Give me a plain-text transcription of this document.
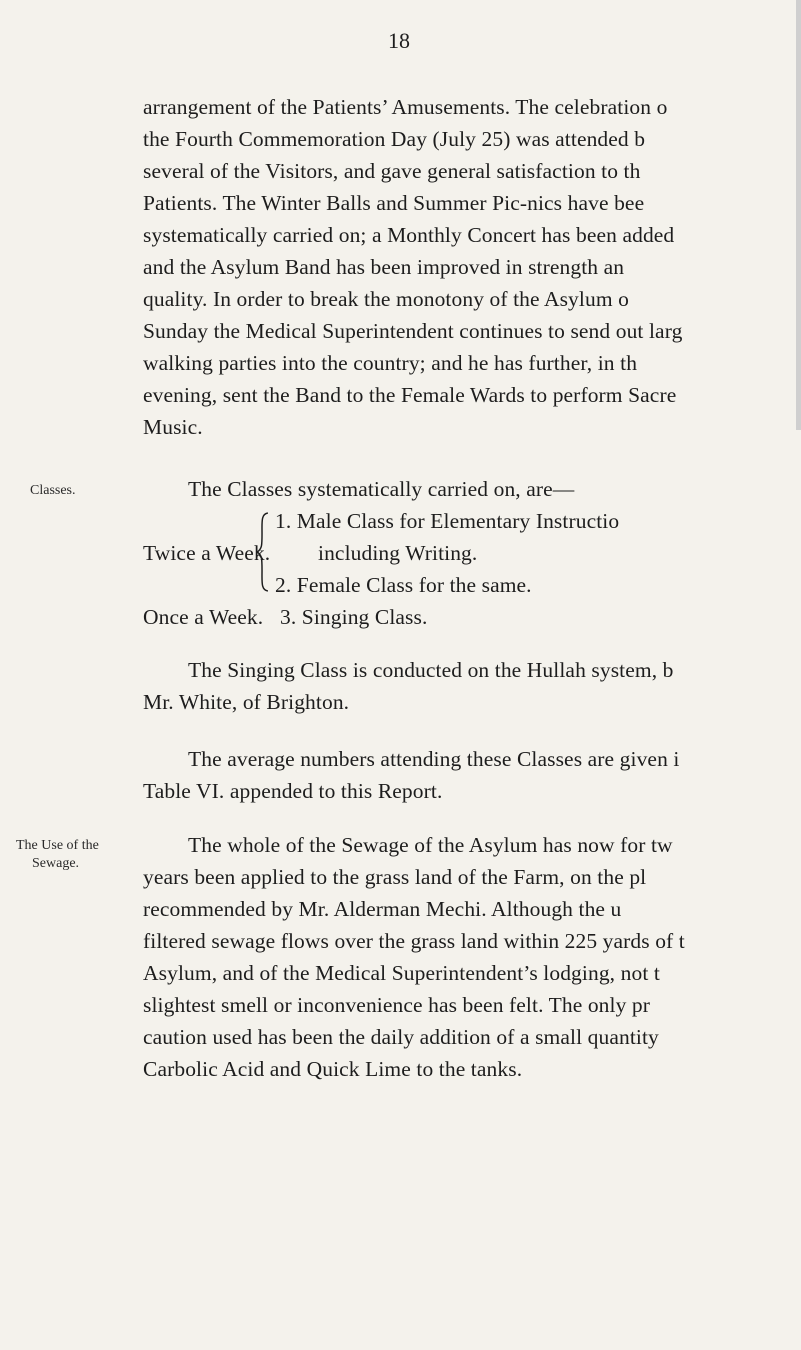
18
arrangement of the Patients’ Amusements. The celebration o
the Fourth Commemoration Day (July 25) was attended b
several of the Visitors, and gave general satisfaction to th
Patients. The Winter Balls and Summer Pic-nics have bee
systematically carried on; a Monthly Concert has been added
and the Asylum Band has been improved in strength an
quality. In order to break the monotony of the Asylum o
Sunday the Medical Superintendent continues to send out larg
walking parties into the country; and he has further, in th
evening, sent the Band to the Female Wards to perform Sacre
Music.
Classes.	The Classes systematically carried on, are—
1. Male Class for Elementary Instructio
Twice a Week. including Writing.
2. Female Class for the same.
Once a Week. 3. Singing Class.
The Singing Class is conducted on the Hullah system, b
Mr. White, of Brighton.
The average numbers attending these Classes are given i
Table VI. appended to this Report.
The Use of the
Sewage.
The whole of the Sewage of the Asylum has now for tw
years been applied to the grass land of the Farm, on the pl
recommended by Mr. Alderman Mechi. Although the u
filtered sewage flows over the grass land within 225 yards of t
Asylum, and of the Medical Superintendent’s lodging, not t
slightest smell or inconvenience has been felt. The only pr
caution used has been the daily addition of a small quantity
Carbolic Acid and Quick Lime to the tanks.
